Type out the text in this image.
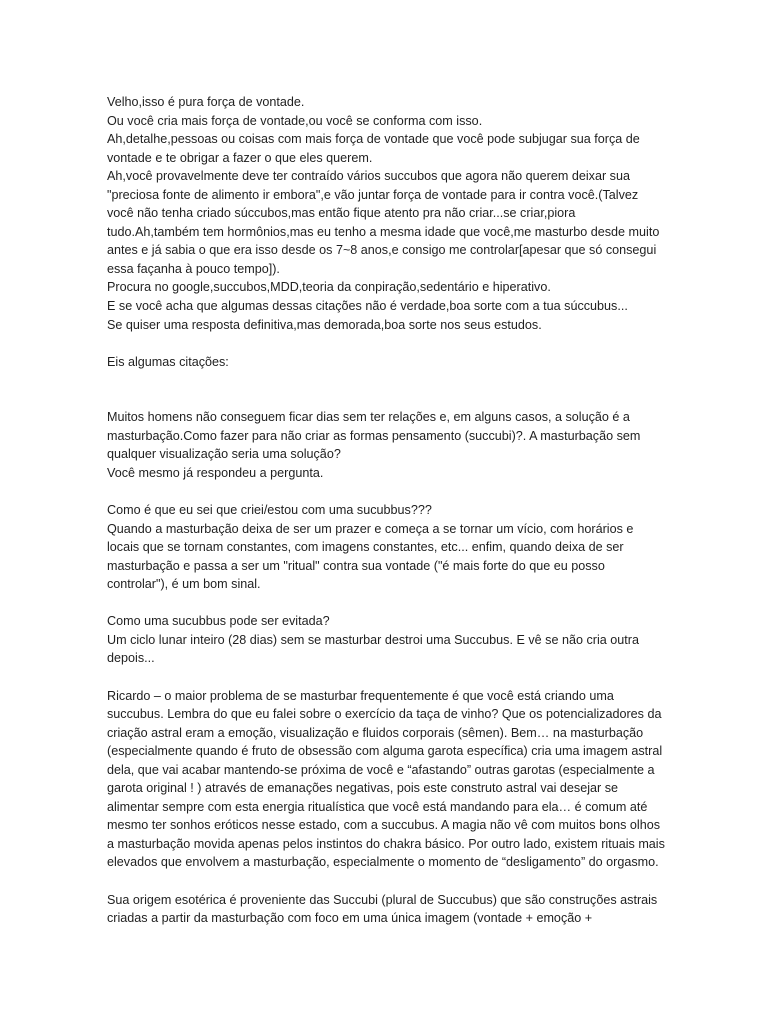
Velho,isso é pura força de vontade.
Ou você cria mais força de vontade,ou você se conforma com isso.
Ah,detalhe,pessoas ou coisas com mais força de vontade que você pode subjugar sua força de
vontade e te obrigar a fazer o que eles querem.
Ah,você provavelmente deve ter contraído vários succubos que agora não querem deixar sua
"preciosa fonte de alimento ir embora",e vão juntar força de vontade para ir contra você.(Talvez
você não tenha criado súccubos,mas então fique atento pra não criar...se criar,piora
tudo.Ah,também tem hormônios,mas eu tenho a mesma idade que você,me masturbo desde muito
antes e já sabia o que era isso desde os 7~8 anos,e consigo me controlar[apesar que só consegui
essa façanha à pouco tempo]).
Procura no google,succubos,MDD,teoria da conpiração,sedentário e hiperativo.
E se você acha que algumas dessas citações não é verdade,boa sorte com a tua súccubus...
Se quiser uma resposta definitiva,mas demorada,boa sorte nos seus estudos.
Eis algumas citações:
Muitos homens não conseguem ficar dias sem ter relações e, em alguns casos, a solução é a
masturbação.Como fazer para não criar as formas pensamento (succubi)?. A masturbação sem
qualquer visualização seria uma solução?
Você mesmo já respondeu a pergunta.
Como é que eu sei que criei/estou com uma sucubbus???
Quando a masturbação deixa de ser um prazer e começa a se tornar um vício, com horários e
locais que se tornam constantes, com imagens constantes, etc... enfim, quando deixa de ser
masturbação e passa a ser um "ritual" contra sua vontade ("é mais forte do que eu posso
controlar"), é um bom sinal.
Como uma sucubbus pode ser evitada?
Um ciclo lunar inteiro (28 dias) sem se masturbar destroi uma Succubus. E vê se não cria outra
depois...
Ricardo – o maior problema de se masturbar frequentemente é que você está criando uma
succubus. Lembra do que eu falei sobre o exercício da taça de vinho? Que os potencializadores da
criação astral eram a emoção, visualização e fluidos corporais (sêmen). Bem… na masturbação
(especialmente quando é fruto de obsessão com alguma garota específica) cria uma imagem astral
dela, que vai acabar mantendo-se próxima de você e “afastando” outras garotas (especialmente a
garota original ! ) através de emanações negativas, pois este construto astral vai desejar se
alimentar sempre com esta energia ritualística que você está mandando para ela… é comum até
mesmo ter sonhos eróticos nesse estado, com a succubus. A magia não vê com muitos bons olhos
a masturbação movida apenas pelos instintos do chakra básico. Por outro lado, existem rituais mais
elevados que envolvem a masturbação, especialmente o momento de “desligamento” do orgasmo.
Sua origem esotérica é proveniente das Succubi (plural de Succubus) que são construções astrais
criadas a partir da masturbação com foco em uma única imagem (vontade + emoção +
